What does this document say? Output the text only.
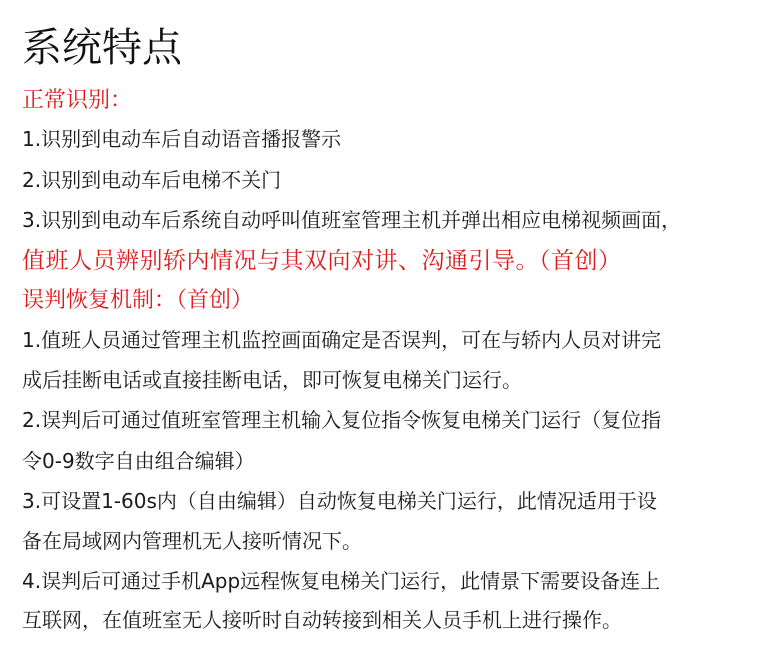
系统特点
正常识别：
1.识别到电动车后自动语音播报警示
2.识别到电动车后电梯不关门
3.识别到电动车后系统自动呼叫值班室管理主机并弹出相应电梯视频画面，
值班人员辨别轿内情况与其双向对讲、沟通引导。（首创）
误判恢复机制：（首创）
1.值班人员通过管理主机监控画面确定是否误判，可在与轿内人员对讲完
成后挂断电话或直接挂断电话，即可恢复电梯关门运行。
2.误判后可通过值班室管理主机输入复位指令恢复电梯关门运行（复位指
令0-9数字自由组合编辑）
3.可设置1-60s内（自由编辑）自动恢复电梯关门运行，此情况适用于设
备在局域网内管理机无人接听情况下。
4.误判后可通过手机App远程恢复电梯关门运行，此情景下需要设备连上
互联网，在值班室无人接听时自动转接到相关人员手机上进行操作。
